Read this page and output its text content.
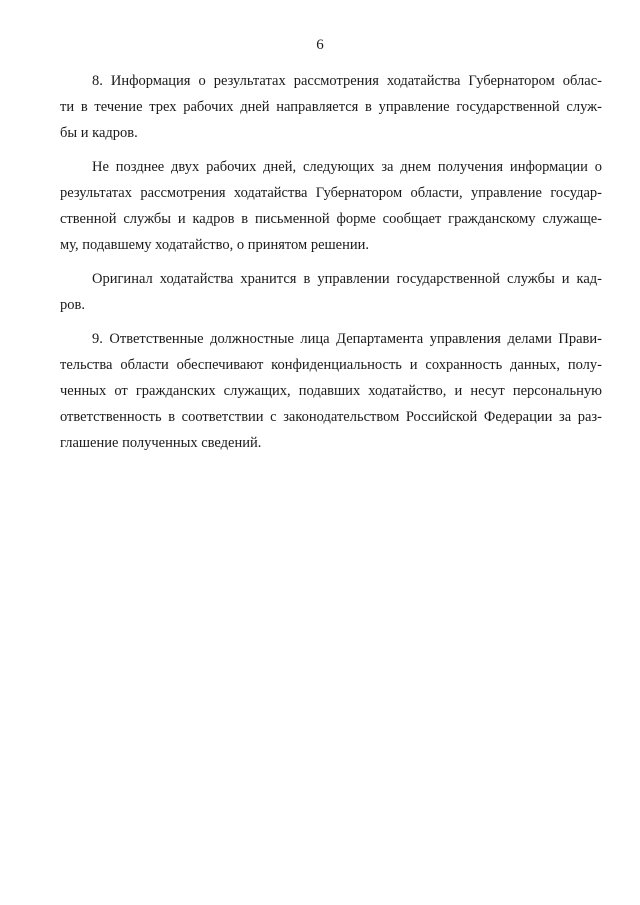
6

8. Информация о результатах рассмотрения ходатайства Губернатором облас-
ти в течение трех рабочих дней направляется в управление государственной служ-
бы и кадров.

Не позднее двух рабочих дней, следующих за днем получения информации о
результатах рассмотрения ходатайства Губернатором области, управление государ-
ственной службы и кадров в письменной форме сообщает гражданскому служаще-
му, подавшему ходатайство, о принятом решении.

Оригинал ходатайства хранится в управлении государственной службы и кад-
ров.

9. Ответственные должностные лица Департамента управления делами Прави-
тельства области обеспечивают конфиденциальность и сохранность данных, полу-
ченных от гражданских служащих, подавших ходатайство, и несут персональную
ответственность в соответствии с законодательством Российской Федерации за раз-
глашение полученных сведений.
